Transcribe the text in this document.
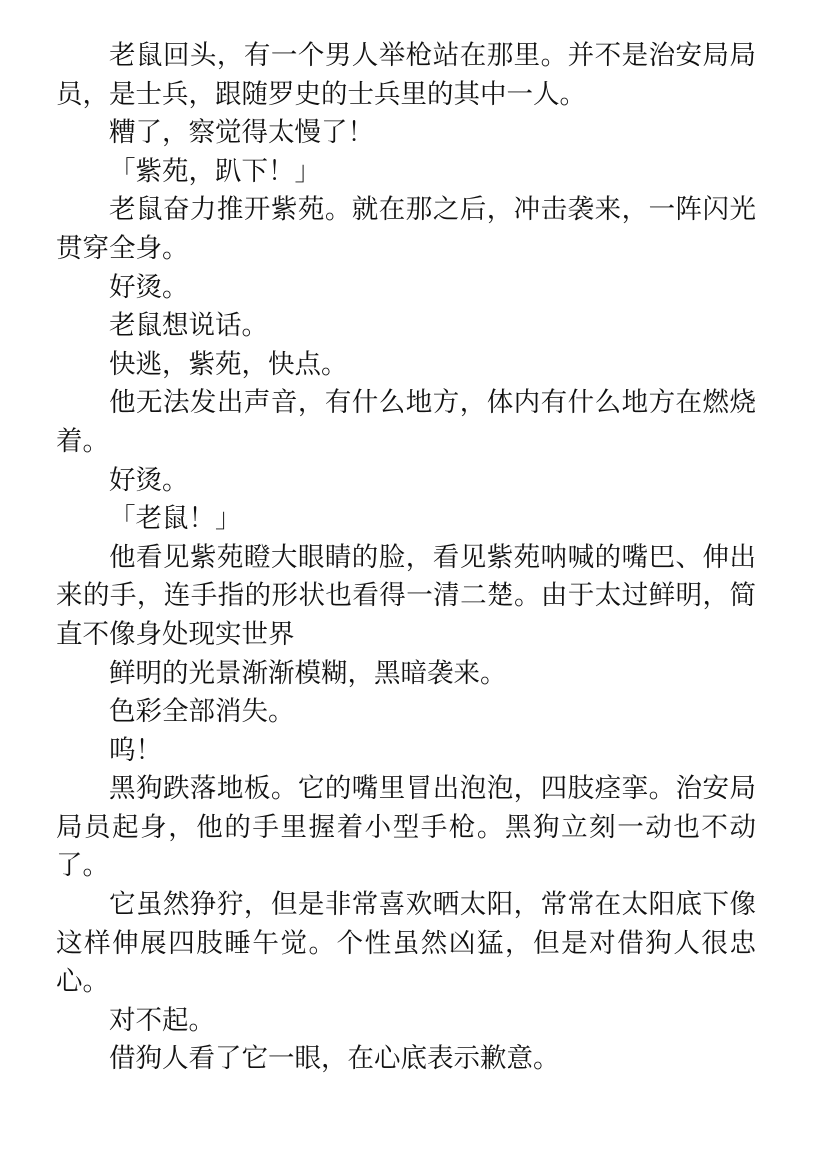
老鼠回头，有一个男人举枪站在那里。并不是治安局局员，是士兵，跟随罗史的士兵里的其中一人。

糟了，察觉得太慢了！

「紫苑，趴下！」

老鼠奋力推开紫苑。就在那之后，冲击袭来，一阵闪光贯穿全身。

好烫。

老鼠想说话。

快逃，紫苑，快点。

他无法发出声音，有什么地方，体内有什么地方在燃烧着。

好烫。

「老鼠！」

他看见紫苑瞪大眼睛的脸，看见紫苑呐喊的嘴巴、伸出来的手，连手指的形状也看得一清二楚。由于太过鲜明，简直不像身处现实世界

鲜明的光景渐渐模糊，黑暗袭来。

色彩全部消失。

呜！

黑狗跌落地板。它的嘴里冒出泡泡，四肢痉挛。治安局局员起身，他的手里握着小型手枪。黑狗立刻一动也不动了。

它虽然狰狞，但是非常喜欢晒太阳，常常在太阳底下像这样伸展四肢睡午觉。个性虽然凶猛，但是对借狗人很忠心。

对不起。

借狗人看了它一眼，在心底表示歉意。
